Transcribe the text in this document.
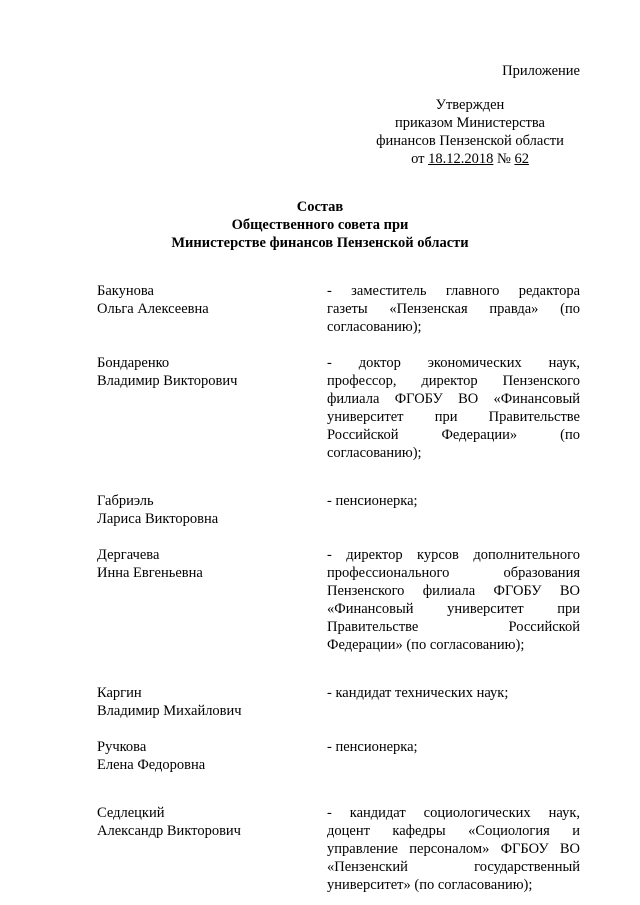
Приложение
Утвержден
приказом Министерства
финансов Пензенской области
от 18.12.2018 № 62
Состав
Общественного совета при
Министерстве финансов Пензенской области
Бакунова
Ольга Алексеевна
- заместитель главного редактора
газеты «Пензенская правда» (по
согласованию);
Бондаренко
Владимир Викторович
- доктор экономических наук,
профессор, директор Пензенского
филиала ФГОБУ ВО «Финансовый
университет при Правительстве
Российской Федерации» (по
согласованию);
Габриэль
Лариса Викторовна
- пенсионерка;
Дергачева
Инна Евгеньевна
- директор курсов дополнительного
профессионального образования
Пензенского филиала ФГОБУ ВО
«Финансовый университет при
Правительстве Российской
Федерации» (по согласованию);
Каргин
Владимир Михайлович
- кандидат технических наук;
Ручкова
Елена Федоровна
- пенсионерка;
Седлецкий
Александр Викторович
- кандидат социологических наук,
доцент кафедры «Социология и
управление персоналом» ФГБОУ ВО
«Пензенский государственный
университет» (по согласованию);
